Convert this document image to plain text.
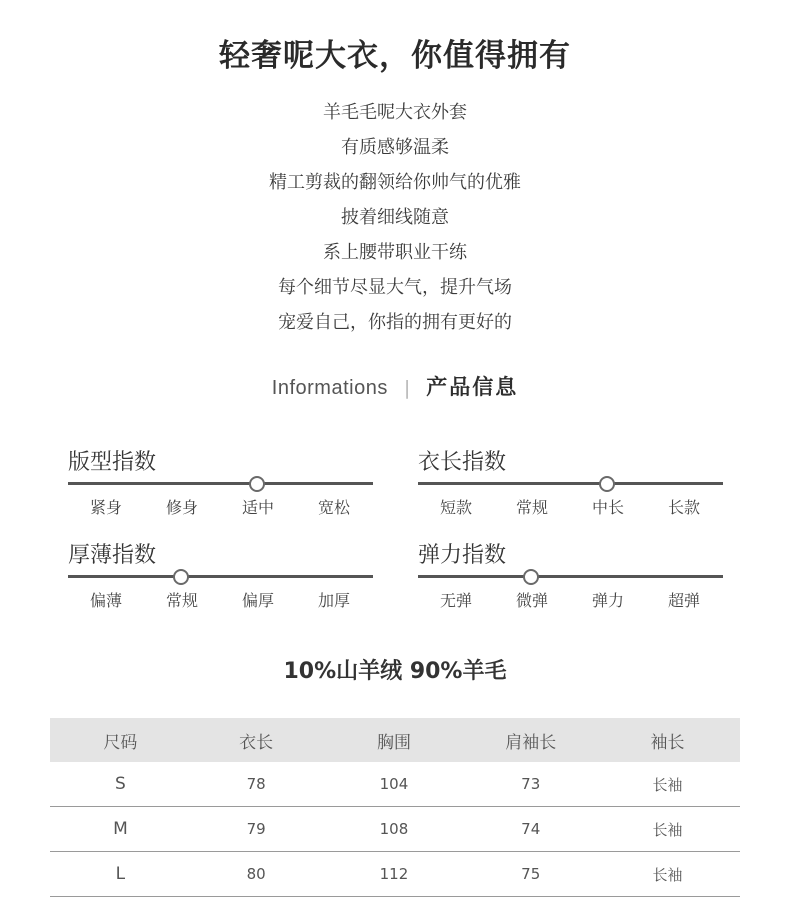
轻奢呢大衣，你值得拥有
羊毛毛呢大衣外套
有质感够温柔
精工剪裁的翻领给你帅气的优雅
披着细线随意
系上腰带职业干练
每个细节尽显大气，提升气场
宠爱自己，你指的拥有更好的
Informations | 产品信息
版型指数
紧身	修身	适中	宽松
衣长指数
短款	常规	中长	长款
厚薄指数
偏薄	常规	偏厚	加厚
弹力指数
无弹	微弹	弹力	超弹
10%山羊绒 90%羊毛
尺码	衣长	胸围	肩袖长	袖长
S	78	104	73	长袖
M	79	108	74	长袖
L	80	112	75	长袖
